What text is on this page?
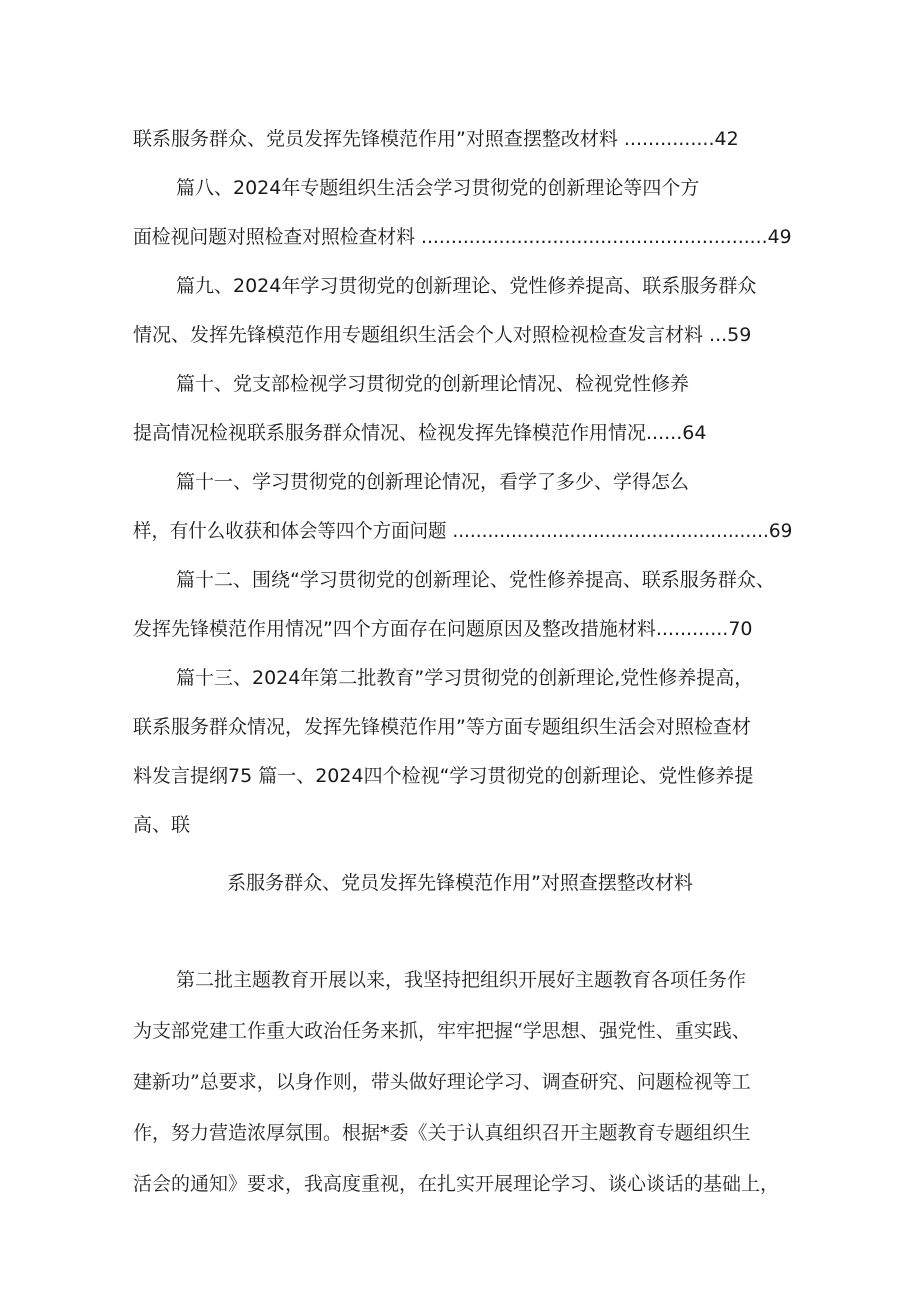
联系服务群众、党员发挥先锋模范作用”对照查摆整改材料 ...............42
篇八、2024年专题组织生活会学习贯彻党的创新理论等四个方
面检视问题对照检查对照检查材料 ..........................................................49
篇九、2024年学习贯彻党的创新理论、党性修养提高、联系服务群众
情况、发挥先锋模范作用专题组织生活会个人对照检视检查发言材料 ...59
篇十、党支部检视学习贯彻党的创新理论情况、检视党性修养
提高情况检视联系服务群众情况、检视发挥先锋模范作用情况......64
篇十一、学习贯彻党的创新理论情况，看学了多少、学得怎么
样，有什么收获和体会等四个方面问题 ......................................................69
篇十二、围绕“学习贯彻党的创新理论、党性修养提高、联系服务群众、
发挥先锋模范作用情况”四个方面存在问题原因及整改措施材料............70
篇十三、2024年第二批教育”学习贯彻党的创新理论,党性修养提高，
联系服务群众情况，发挥先锋模范作用”等方面专题组织生活会对照检查材
料发言提纲75 篇一、2024四个检视“学习贯彻党的创新理论、党性修养提
高、联
系服务群众、党员发挥先锋模范作用”对照查摆整改材料
第二批主题教育开展以来，我坚持把组织开展好主题教育各项任务作
为支部党建工作重大政治任务来抓，牢牢把握“学思想、强党性、重实践、
建新功”总要求，以身作则，带头做好理论学习、调查研究、问题检视等工
作，努力营造浓厚氛围。根据*委《关于认真组织召开主题教育专题组织生
活会的通知》要求，我高度重视，在扎实开展理论学习、谈心谈话的基础上，
